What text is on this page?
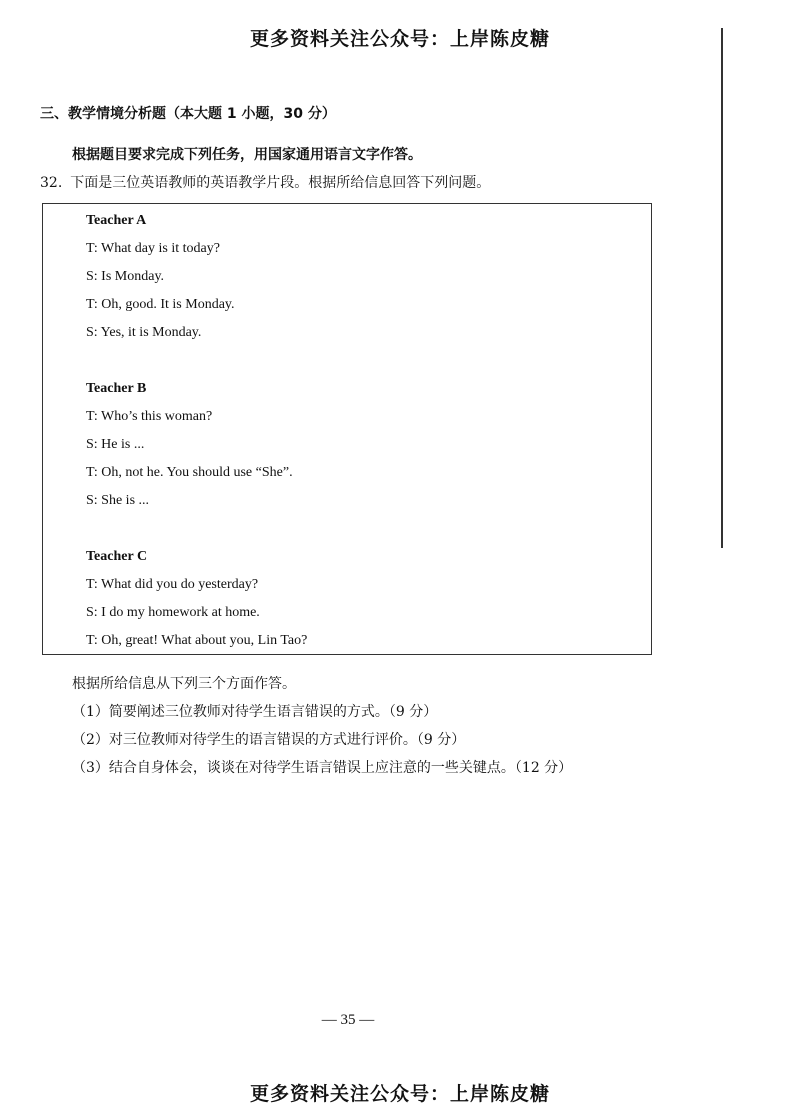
更多资料关注公众号：上岸陈皮糖
三、教学情境分析题（本大题 1 小题，30 分）
根据题目要求完成下列任务，用国家通用语言文字作答。
32. 下面是三位英语教师的英语教学片段。根据所给信息回答下列问题。
Teacher A
T: What day is it today?
S: Is Monday.
T: Oh, good. It is Monday.
S: Yes, it is Monday.
Teacher B
T: Who’s this woman?
S: He is ...
T: Oh, not he. You should use “She”.
S: She is ...
Teacher C
T: What did you do yesterday?
S: I do my homework at home.
T: Oh, great! What about you, Lin Tao?
根据所给信息从下列三个方面作答。
（1）简要阐述三位教师对待学生语言错误的方式。（9 分）
（2）对三位教师对待学生的语言错误的方式进行评价。（9 分）
（3）结合自身体会，谈谈在对待学生语言错误上应注意的一些关键点。（12 分）
— 35 —
更多资料关注公众号：上岸陈皮糖
